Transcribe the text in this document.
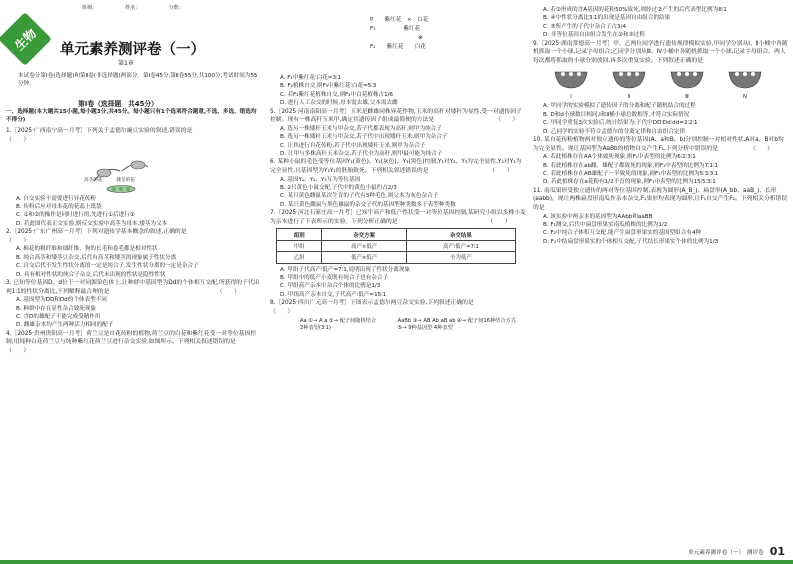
班级：	姓名：	分数：
生物 单元素养测评卷（一）
第1章
本试卷分第Ⅰ卷(选择题)和第Ⅱ卷(非选择题)两部分。第Ⅰ卷45分,第Ⅱ卷55分,共100分,考试时间为55分钟。
第Ⅰ卷（选择题　共45分）
一、选择题(本大题共15小题,每小题3分,共45分。每小题只有1个选项符合题意,不选、多选、错选均不得分)
1.［2025·广西南宁高一月考］下列关于孟德尔豌豆实验的叙述,错误的是　　　　　　　　　　　　　　　　　　　（　　）
高茎的花	矮茎的花
A. 自交实验不需要进行异花传粉
B. 传粉后应对母本花的花蕊上纸袋
C. ①和②的操作是同时进行的,先进行①后进行②
D. 若此图代表正交实验,则反交实验中高茎为母本,矮茎为父本
2.［2025·广东广州高一月考］下列对遗传学基本概念的叙述,正确的是　　　　　　　　　　　　　　　　　　　（　　）
A. 棉花的粗纤维和细纤维、狗的长毛和卷毛都是相对性状
B. 纯合高茎和矮茎豆杂交,后代有高茎和矮茎的现象属于性状分离
C. 自交后代不发生性状分离的一定是纯合子,发生性状分离的一定是杂合子
D. 具有相对性状的纯合子杂交,后代未出现的性状是隐性性状
3. 已知等位基因D、d位于一对同源染色体上,让种群中基因型为Dd的个体相互交配,所获得的子代出现1∶1的性状分离比,下列解释最合理的是　　　　　　　　　　　　　　　　　　　（　　）
A. 基因型为DD和Dd的个体表型不同
B. 种群中存在显性杂合致死现象
C. 含D的雄配子不能完成受精作用
D. 雌雄亲本均产生两种活力相同的配子
4.［2025·贵州贵阳高一月考］荷兰豆是自花传粉的植物,荷兰豆的白花和紫红花受一对等位基因控制,用纯种白花荷兰豆与纯种紫红花荷兰豆进行杂交实验,如图所示。下列相关叙述错误的是　　（　　）
P　　紫红花　×　白花
F₁　　　　　紫红花
⊗
F₂　　紫红花　　白花
A. F₁中紫红花∶白花=3∶1
B. F₂植株自交,则F₃中紫红花∶白花=5∶3
C. 若F₁紫红花植株自交,则F₂中白花植株占1/6
D. 进行人工杂交的时候,母本需去雄,父本需去雌
5.［2025·河南南阳高一月考］玉米是雌雄同株异花作物,玉米的高秆对矮秆为显性,受一对遗传因子控制。现有一株高秆玉米甲,确定其遗传因子组成最简便的方法是　　　　　　　　　　　（　　）
A. 选另一株矮秆玉米与甲杂交,若子代都表现为高秆,则甲为纯合子
B. 选另一株矮秆玉米与甲杂交,若子代中出现矮秆玉米,则甲为杂合子
C. 让其进行自花传粉,若子代中出现矮秆玉米,则甲为杂合子
D. 让甲与多株高秆玉米杂交,若子代全为高秆,则甲最可能为纯合子
6. 某种小鼠的毛色受等位基因Y₁(黄色)、Y₂(灰色)、Y₃(黑色)控制,Y₁对Y₂、Y₃为完全显性,Y₂对Y₃为完全显性,且基因型为Y₁Y₁的胚胎致死。下列相关叙述错误的是　　　　　　　　　　　（　　）
A. 基因Y₁、Y₂、Y₃互为等位基因
B. 2只黄色小鼠交配,子代中的黄色小鼠约占2/3
C. 某只黄色雌鼠某次生育的子代有3种毛色,则父本为灰色杂合子
D. 某只黄色雌鼠与黑色雄鼠的杂交子代的基因型种类数多于表型种类数
7.［2025·河北石家庄高一月考］已知牛高产和低产性状受一对等位基因控制,某研究小组以多株小麦为亲本进行了下表所示的实验。下列分析正确的是　　　　　　　　　　　　　　　　（　　）
组别	杂交方案	杂交结果
甲组	高产×低产	高产∶低产=7∶1
乙组	低产×低产	全为低产
A. 甲组子代高产∶低产=7∶1,说明出现了性状分离现象
B. 甲组中的低产小麦既有纯合子也有杂合子
C. 甲组高产亲本中杂合个体的比例是1/3
D. 甲组高产亲本自交,子代高产∶低产=15∶1
8.［2025·四川广元高一月考］下图表示孟德尔两豆杂交实验,下列叙述正确的是　　　　　　　　　　　　　　　　　　（　　）
Aa ①→ A a ②→ 配子间随机结合 2种表型(3∶1)
AaBb ③→ AB Ab aB ab ④→ 配子间16种结合方式 ⑤→ 9种基因型 4种表型
A. 若②形成的含A基因的花粉50%致死,则经过②产生的后代表型比例为8∶1
B. ④中性状分离比3∶1的出现是基因自由组合的结果
C. ⑤所产生的子代中杂合子占3/4
D. 非等位基因自由组合发生在②和③过程
9.［2025·湖南常德高一月考］甲、乙两位同学进行遗传规律模拟实验,甲同学分别从Ⅰ、Ⅱ小桶中各随机抓取一个小球,记录字母组合;乙同学分别从Ⅲ、Ⅳ小桶中各随机抓取一个小球,记录字母组合。两人每次都将抓取的小球分别放回,再多次重复实验。下列叙述正确的是
Ⅰ	Ⅱ	Ⅲ	Ⅳ
A. 甲同学的实验模拟了遗传因子的分离和配子随机结合的过程
B. D和d小球数目相同,Ⅰ和Ⅱ桶小球总数相等,才符合实际情况
C. 甲同学重复3次实验后,统计结果为:子代中DD∶Dd∶dd=2∶2∶1
D. 乙同学的实验不符合孟德尔的分离定律和自由组合定律
10. 某自花传粉植物两对独立遗传的等位基因(A、a和B、b)分别控制一对相对性状,A对a、B对b均为完全显性。现让基因型为AaBb的植物自交产生F₁,下列分析中错误的是　　　　　　（　　）
A. 若此植株存在AA个体致死现象,则F₁中表型的比例为6∶2∶3∶1
B. 若此植株存在ab雌、雄配子都致死的现象,则F₁中表型的比例为7∶1∶1
C. 若此植株存在AB雄配子一半致死的现象,则F₁中表型的比例为5∶3∶3∶1
D. 若此植株存在a花粉有1/2不育的现象,则F₁中表型的比例为15∶5∶3∶1
11. 南瓜果形受独立遗传的两对等位基因控制,表现为圆形(A_B_)、扁盘形(A_bb、aaB_)、长形(aabb)。现让两株扁盘形南瓜作亲本杂交,F₁果形均表现为圆形,让F₁自交产生F₂。下列相关分析错误的是
A. 该实验中两亲本的基因型为AAbb和aaBB
B. F₁测交,后代中扁盘形果实南瓜植株的比例为1/2
C. F₂中纯合子体积互交配,能产生扁盘形果实的基因型组合有4种
D. F₂中结扁盘形果实的个体相互交配,子代结长形果实个体的比例为1/3
单元素养测评卷（一）　测评卷 01
